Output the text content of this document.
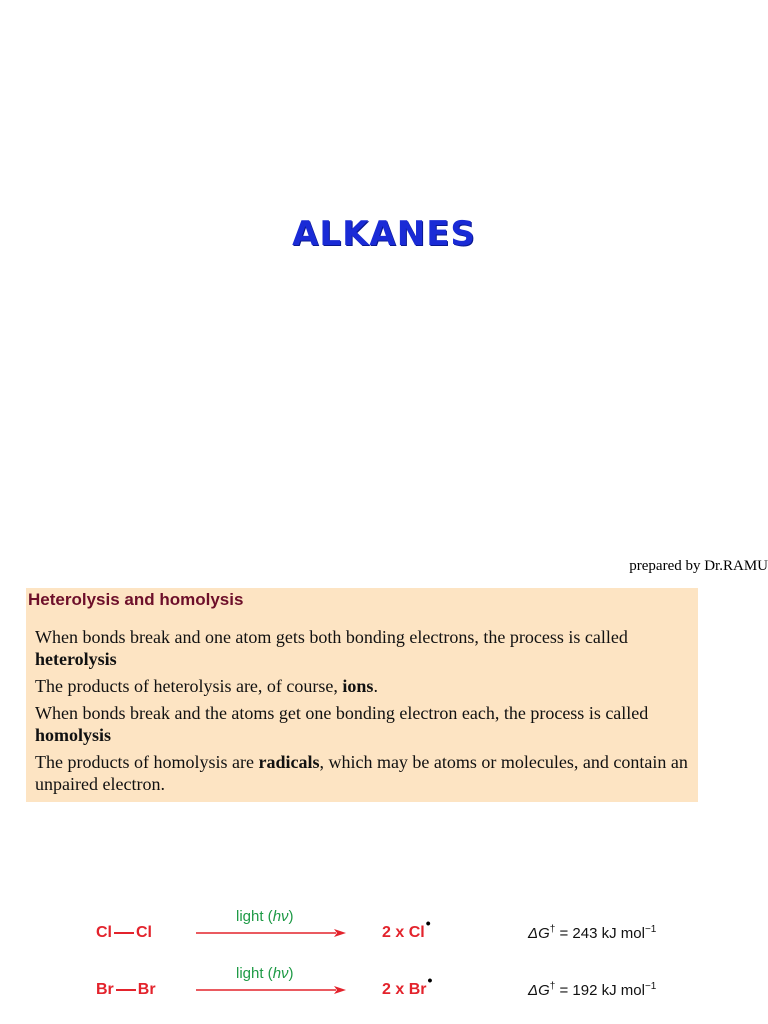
ALKANES
prepared by Dr.RAMU
Heterolysis and homolysis

When bonds break and one atom gets both bonding electrons, the process is called heterolysis

The products of heterolysis are, of course, ions.

When bonds break and the atoms get one bonding electron each, the process is called homolysis

The products of homolysis are radicals, which may be atoms or molecules, and contain an unpaired electron.

Cl Cl
light (hν)
2 x Cl•
ΔG† = 243 kJ mol$^{-1}$
Br Br
light (hν)
2 x Br•
ΔG† = 192 kJ mol$^{-1}$
